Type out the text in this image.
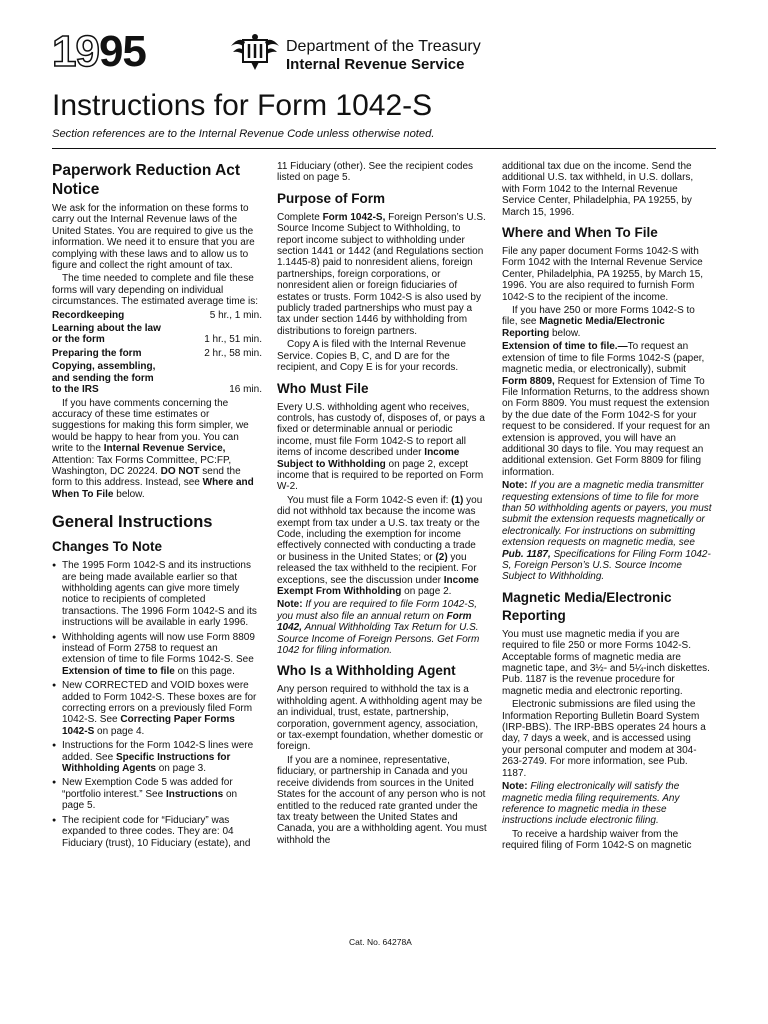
1995	Department of the Treasury
Internal Revenue Service
Instructions for Form 1042-S
Section references are to the Internal Revenue Code unless otherwise noted.
Paperwork Reduction Act Notice

We ask for the information on these forms to carry out the Internal Revenue laws of the United States. You are required to give us the information. We need it to ensure that you are complying with these laws and to allow us to figure and collect the right amount of tax.

The time needed to complete and file these forms will vary depending on individual circumstances. The estimated average time is:

Recordkeeping	5 hr., 1 min.
Learning about the law or the form	1 hr., 51 min.
Preparing the form	2 hr., 58 min.
Copying, assembling, and sending the form to the IRS	16 min.

If you have comments concerning the accuracy of these time estimates or suggestions for making this form simpler, we would be happy to hear from you. You can write to the Internal Revenue Service, Attention: Tax Forms Committee, PC:FP, Washington, DC 20224. DO NOT send the form to this address. Instead, see Where and When To File below.

General Instructions
Changes To Note

● The 1995 Form 1042-S and its instructions are being made available earlier so that withholding agents can give more timely notice to recipients of completed transactions. The 1996 Form 1042-S and its instructions will be available in early 1996.

● Withholding agents will now use Form 8809 instead of Form 2758 to request an extension of time to file Forms 1042-S. See Extension of time to file on this page.

● New CORRECTED and VOID boxes were added to Form 1042-S. These boxes are for correcting errors on a previously filed Form 1042-S. See Correcting Paper Forms 1042-S on page 4.

● Instructions for the Form 1042-S lines were added. See Specific Instructions for Withholding Agents on page 3.

● New Exemption Code 5 was added for “portfolio interest.” See Instructions on page 5.

● The recipient code for “Fiduciary” was expanded to three codes. They are: 04 Fiduciary (trust), 10 Fiduciary (estate), and

11 Fiduciary (other). See the recipient codes listed on page 5.

Purpose of Form

Complete Form 1042-S, Foreign Person’s U.S. Source Income Subject to Withholding, to report income subject to withholding under section 1441 or 1442 (and Regulations section 1.1445-8) paid to nonresident aliens, foreign partnerships, foreign corporations, or nonresident alien or foreign fiduciaries of estates or trusts. Form 1042-S is also used by publicly traded partnerships who must pay a tax under section 1446 by withholding from distributions to foreign partners.

Copy A is filed with the Internal Revenue Service. Copies B, C, and D are for the recipient, and Copy E is for your records.

Who Must File

Every U.S. withholding agent who receives, controls, has custody of, disposes of, or pays a fixed or determinable annual or periodic income, must file Form 1042-S to report all items of income described under Income Subject to Withholding on page 2, except income that is required to be reported on Form W-2.

You must file a Form 1042-S even if: (1) you did not withhold tax because the income was exempt from tax under a U.S. tax treaty or the Code, including the exemption for income effectively connected with conducting a trade or business in the United States; or (2) you released the tax withheld to the recipient. For exceptions, see the discussion under Income Exempt From Withholding on page 2.

Note: If you are required to file Form 1042-S, you must also file an annual return on Form 1042, Annual Withholding Tax Return for U.S. Source Income of Foreign Persons. Get Form 1042 for filing information.

Who Is a Withholding Agent

Any person required to withhold the tax is a withholding agent. A withholding agent may be an individual, trust, estate, partnership, corporation, government agency, association, or tax-exempt foundation, whether domestic or foreign.

If you are a nominee, representative, fiduciary, or partnership in Canada and you receive dividends from sources in the United States for the account of any person who is not entitled to the reduced rate granted under the tax treaty between the United States and Canada, you are a withholding agent. You must withhold the

additional tax due on the income. Send the additional U.S. tax withheld, in U.S. dollars, with Form 1042 to the Internal Revenue Service Center, Philadelphia, PA 19255, by March 15, 1996.

Where and When To File

File any paper document Forms 1042-S with Form 1042 with the Internal Revenue Service Center, Philadelphia, PA 19255, by March 15, 1996. You are also required to furnish Form 1042-S to the recipient of the income.

If you have 250 or more Forms 1042-S to file, see Magnetic Media/Electronic Reporting below.

Extension of time to file.—To request an extension of time to file Forms 1042-S (paper, magnetic media, or electronically), submit Form 8809, Request for Extension of Time To File Information Returns, to the address shown on Form 8809. You must request the extension by the due date of the Form 1042-S for your request to be considered. If your request for an extension is approved, you will have an additional 30 days to file. You may request an additional extension. Get Form 8809 for filing information.

Note: If you are a magnetic media transmitter requesting extensions of time to file for more than 50 withholding agents or payers, you must submit the extension requests magnetically or electronically. For instructions on submitting extension requests on magnetic media, see Pub. 1187, Specifications for Filing Form 1042-S, Foreign Person’s U.S. Source Income Subject to Withholding.

Magnetic Media/Electronic Reporting

You must use magnetic media if you are required to file 250 or more Forms 1042-S. Acceptable forms of magnetic media are magnetic tape, and 3½- and 5¼-inch diskettes. Pub. 1187 is the revenue procedure for magnetic media and electronic reporting.

Electronic submissions are filed using the Information Reporting Bulletin Board System (IRP-BBS). The IRP-BBS operates 24 hours a day, 7 days a week, and is accessed using your personal computer and modem at 304-263-2749. For more information, see Pub. 1187.

Note: Filing electronically will satisfy the magnetic media filing requirements. Any reference to magnetic media in these instructions include electronic filing.

To receive a hardship waiver from the required filing of Form 1042-S on magnetic

Cat. No. 64278A
